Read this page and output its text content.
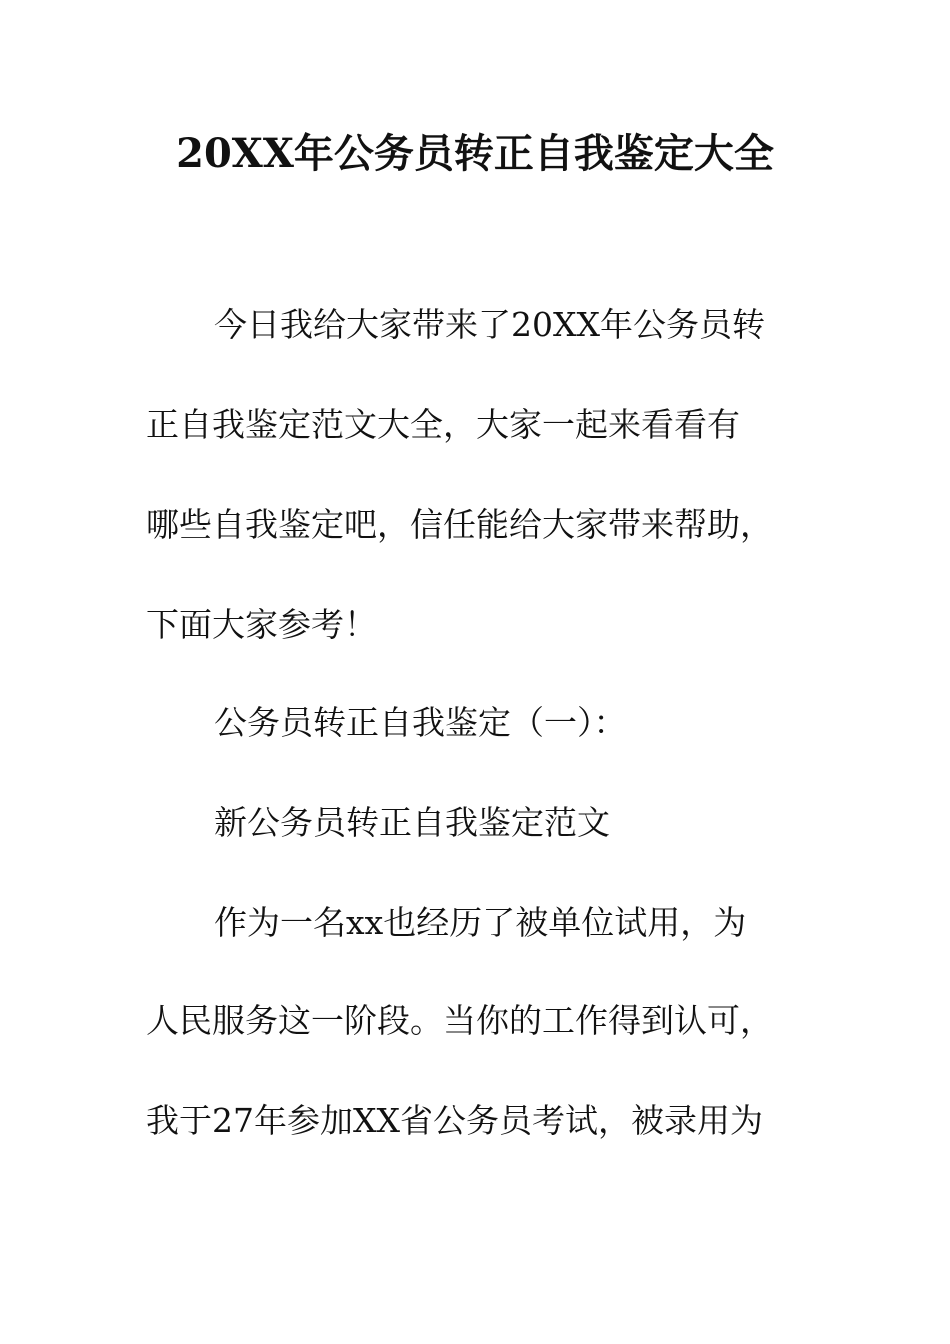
20XX年公务员转正自我鉴定大全
今日我给大家带来了20XX年公务员转
正自我鉴定范文大全，大家一起来看看有
哪些自我鉴定吧，信任能给大家带来帮助，
下面大家参考！
公务员转正自我鉴定（一）：
新公务员转正自我鉴定范文
作为一名xx也经历了被单位试用，为
人民服务这一阶段。当你的工作得到认可，
我于27年参加XX省公务员考试，被录用为
